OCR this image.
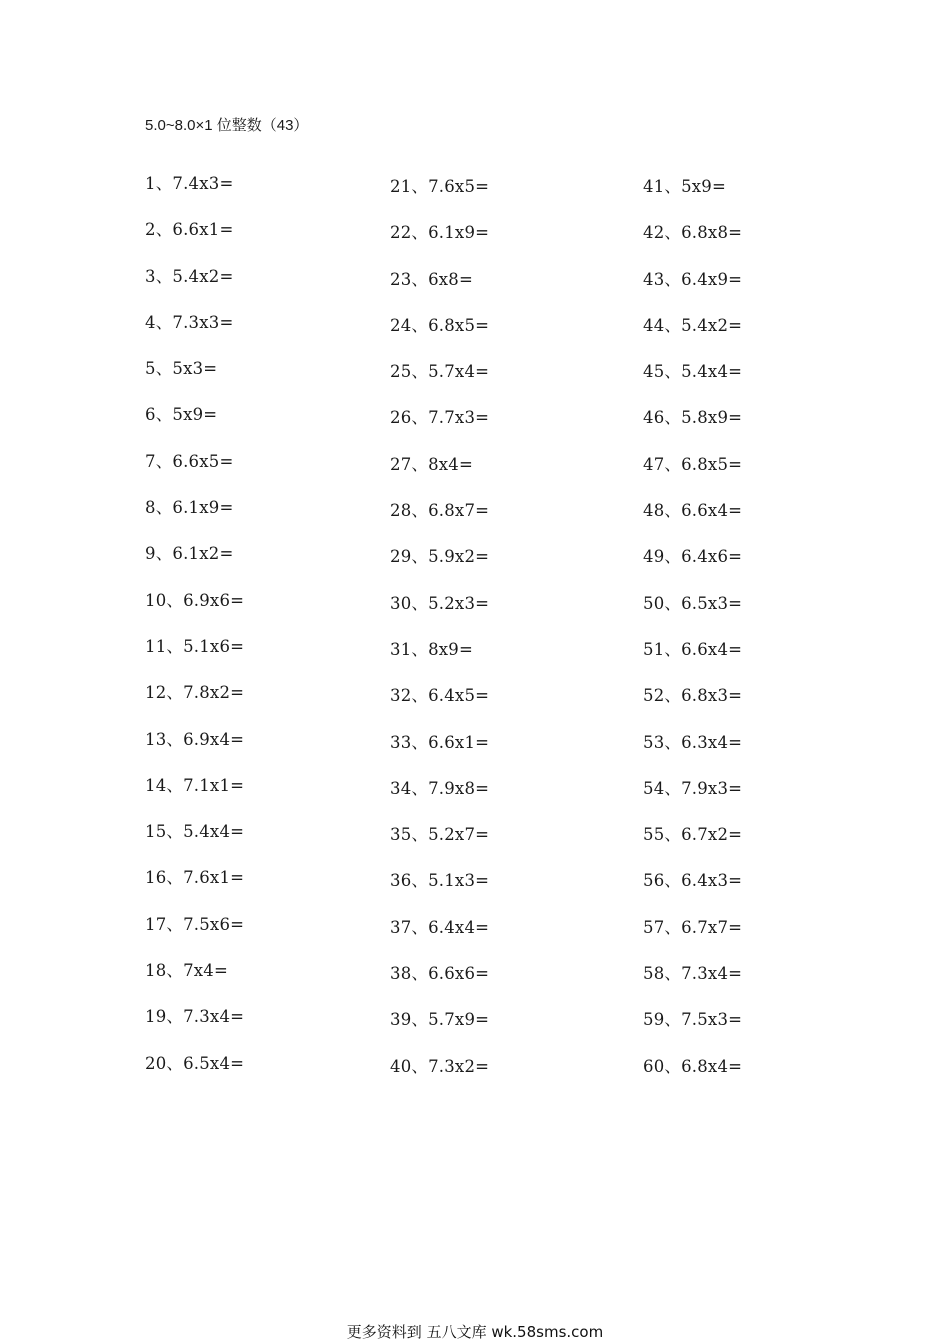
5.0~8.0×1 位整数（43）
1、7.4x3=
2、6.6x1=
3、5.4x2=
4、7.3x3=
5、5x3=
6、5x9=
7、6.6x5=
8、6.1x9=
9、6.1x2=
10、6.9x6=
11、5.1x6=
12、7.8x2=
13、6.9x4=
14、7.1x1=
15、5.4x4=
16、7.6x1=
17、7.5x6=
18、7x4=
19、7.3x4=
20、6.5x4=
21、7.6x5=
22、6.1x9=
23、6x8=
24、6.8x5=
25、5.7x4=
26、7.7x3=
27、8x4=
28、6.8x7=
29、5.9x2=
30、5.2x3=
31、8x9=
32、6.4x5=
33、6.6x1=
34、7.9x8=
35、5.2x7=
36、5.1x3=
37、6.4x4=
38、6.6x6=
39、5.7x9=
40、7.3x2=
41、5x9=
42、6.8x8=
43、6.4x9=
44、5.4x2=
45、5.4x4=
46、5.8x9=
47、6.8x5=
48、6.6x4=
49、6.4x6=
50、6.5x3=
51、6.6x4=
52、6.8x3=
53、6.3x4=
54、7.9x3=
55、6.7x2=
56、6.4x3=
57、6.7x7=
58、7.3x4=
59、7.5x3=
60、6.8x4=
更多资料到 五八文库 wk.58sms.com
